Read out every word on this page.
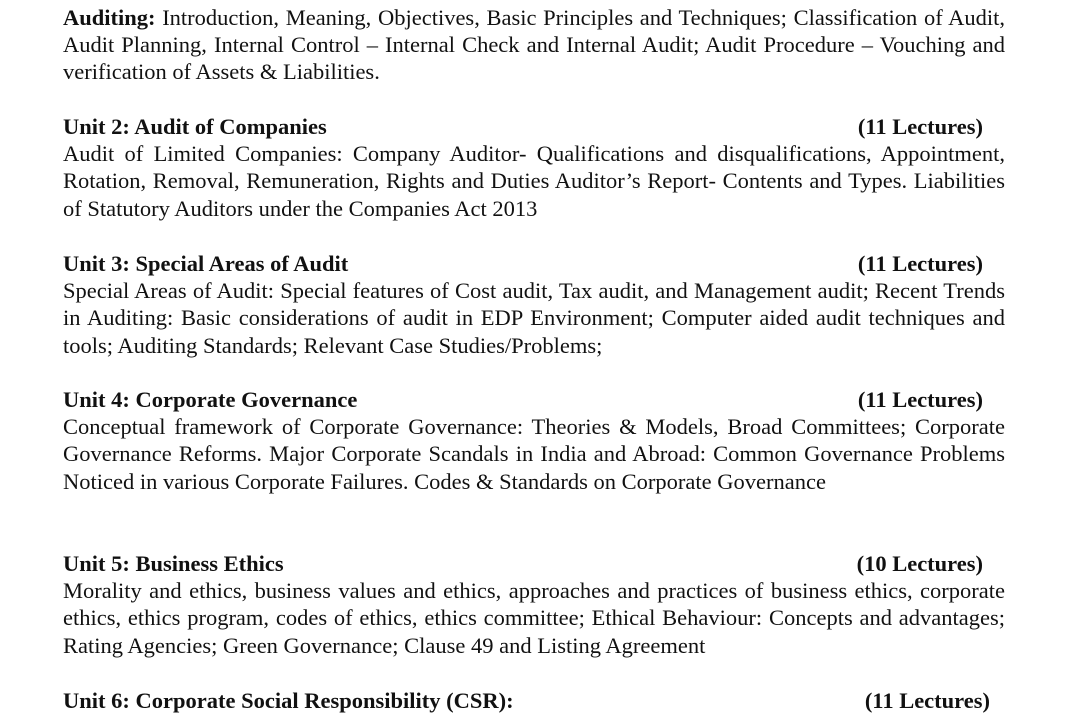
Auditing: Introduction, Meaning, Objectives, Basic Principles and Techniques; Classification of Audit, Audit Planning, Internal Control – Internal Check and Internal Audit; Audit Procedure – Vouching and verification of Assets & Liabilities.

Unit 2: Audit of Companies	(11 Lectures)

Audit of Limited Companies: Company Auditor- Qualifications and disqualifications, Appointment, Rotation, Removal, Remuneration, Rights and Duties Auditor’s Report- Contents and Types. Liabilities of Statutory Auditors under the Companies Act 2013

Unit 3: Special Areas of Audit	(11 Lectures)

Special Areas of Audit: Special features of Cost audit, Tax audit, and Management audit; Recent Trends in Auditing: Basic considerations of audit in EDP Environment; Computer aided audit techniques and tools; Auditing Standards; Relevant Case Studies/Problems;

Unit 4: Corporate Governance	(11 Lectures)

Conceptual framework of Corporate Governance: Theories & Models, Broad Committees; Corporate Governance Reforms. Major Corporate Scandals in India and Abroad: Common Governance Problems Noticed in various Corporate Failures. Codes & Standards on Corporate Governance

Unit 5: Business Ethics	(10 Lectures)

Morality and ethics, business values and ethics, approaches and practices of business ethics, corporate ethics, ethics program, codes of ethics, ethics committee; Ethical Behaviour: Concepts and advantages; Rating Agencies; Green Governance; Clause 49 and Listing Agreement

Unit 6: Corporate Social Responsibility (CSR):	(11 Lectures)
